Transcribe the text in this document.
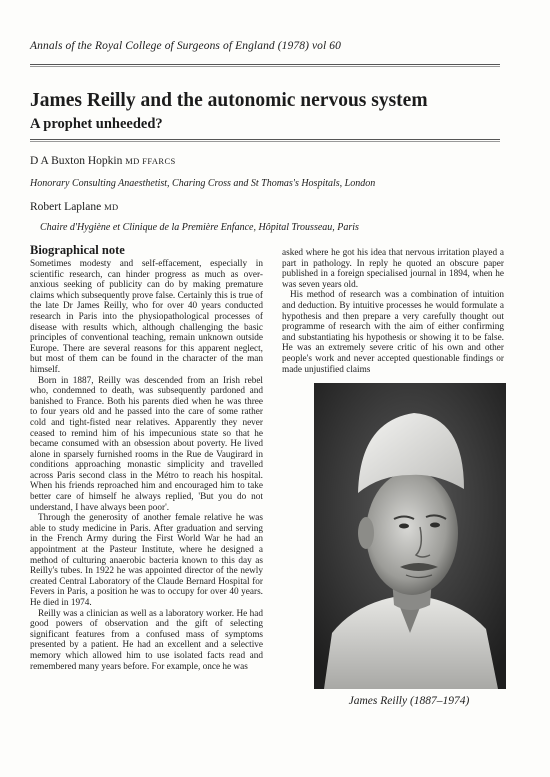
Annals of the Royal College of Surgeons of England (1978) vol 60
James Reilly and the autonomic nervous system
A prophet unheeded?
D A Buxton Hopkin MD FFARCS
Honorary Consulting Anaesthetist, Charing Cross and St Thomas's Hospitals, London
Robert Laplane MD
Chaire d'Hygiène et Clinique de la Première Enfance, Hôpital Trousseau, Paris
Biographical note

Sometimes modesty and self-effacement, especially in scientific research, can hinder progress as much as over-anxious seeking of publicity can do by making premature claims which subsequently prove false. Certainly this is true of the late Dr James Reilly, who for over 40 years conducted research in Paris into the physiopathological processes of disease with results which, although challenging the basic principles of conventional teaching, remain unknown outside Europe. There are several reasons for this apparent neglect, but most of them can be found in the character of the man himself.

Born in 1887, Reilly was descended from an Irish rebel who, condemned to death, was subsequently pardoned and banished to France. Both his parents died when he was three to four years old and he passed into the care of some rather cold and tight-fisted near relatives. Apparently they never ceased to remind him of his impecunious state so that he became consumed with an obsession about poverty. He lived alone in sparsely furnished rooms in the Rue de Vaugirard in conditions approaching monastic simplicity and travelled across Paris second class in the Métro to reach his hospital. When his friends reproached him and encouraged him to take better care of himself he always replied, 'But you do not understand, I have always been poor'.

Through the generosity of another female relative he was able to study medicine in Paris. After graduation and serving in the French Army during the First World War he had an appointment at the Pasteur Institute, where he designed a method of culturing anaerobic bacteria known to this day as Reilly's tubes. In 1922 he was appointed director of the newly created Central Laboratory of the Claude Bernard Hospital for Fevers in Paris, a position he was to occupy for over 40 years. He died in 1974.

Reilly was a clinician as well as a laboratory worker. He had good powers of observation and the gift of selecting significant features from a confused mass of symptoms presented by a patient. He had an excellent and a selective memory which allowed him to use isolated facts read and remembered many years before. For example, once he was

asked where he got his idea that nervous irritation played a part in pathology. In reply he quoted an obscure paper published in a foreign specialised journal in 1894, when he was seven years old.

His method of research was a combination of intuition and deduction. By intuitive processes he would formulate a hypothesis and then prepare a very carefully thought out programme of research with the aim of either confirming and substantiating his hypothesis or showing it to be false. He was an extremely severe critic of his own and other people's work and never accepted questionable findings or made unjustified claims

James Reilly (1887–1974)
